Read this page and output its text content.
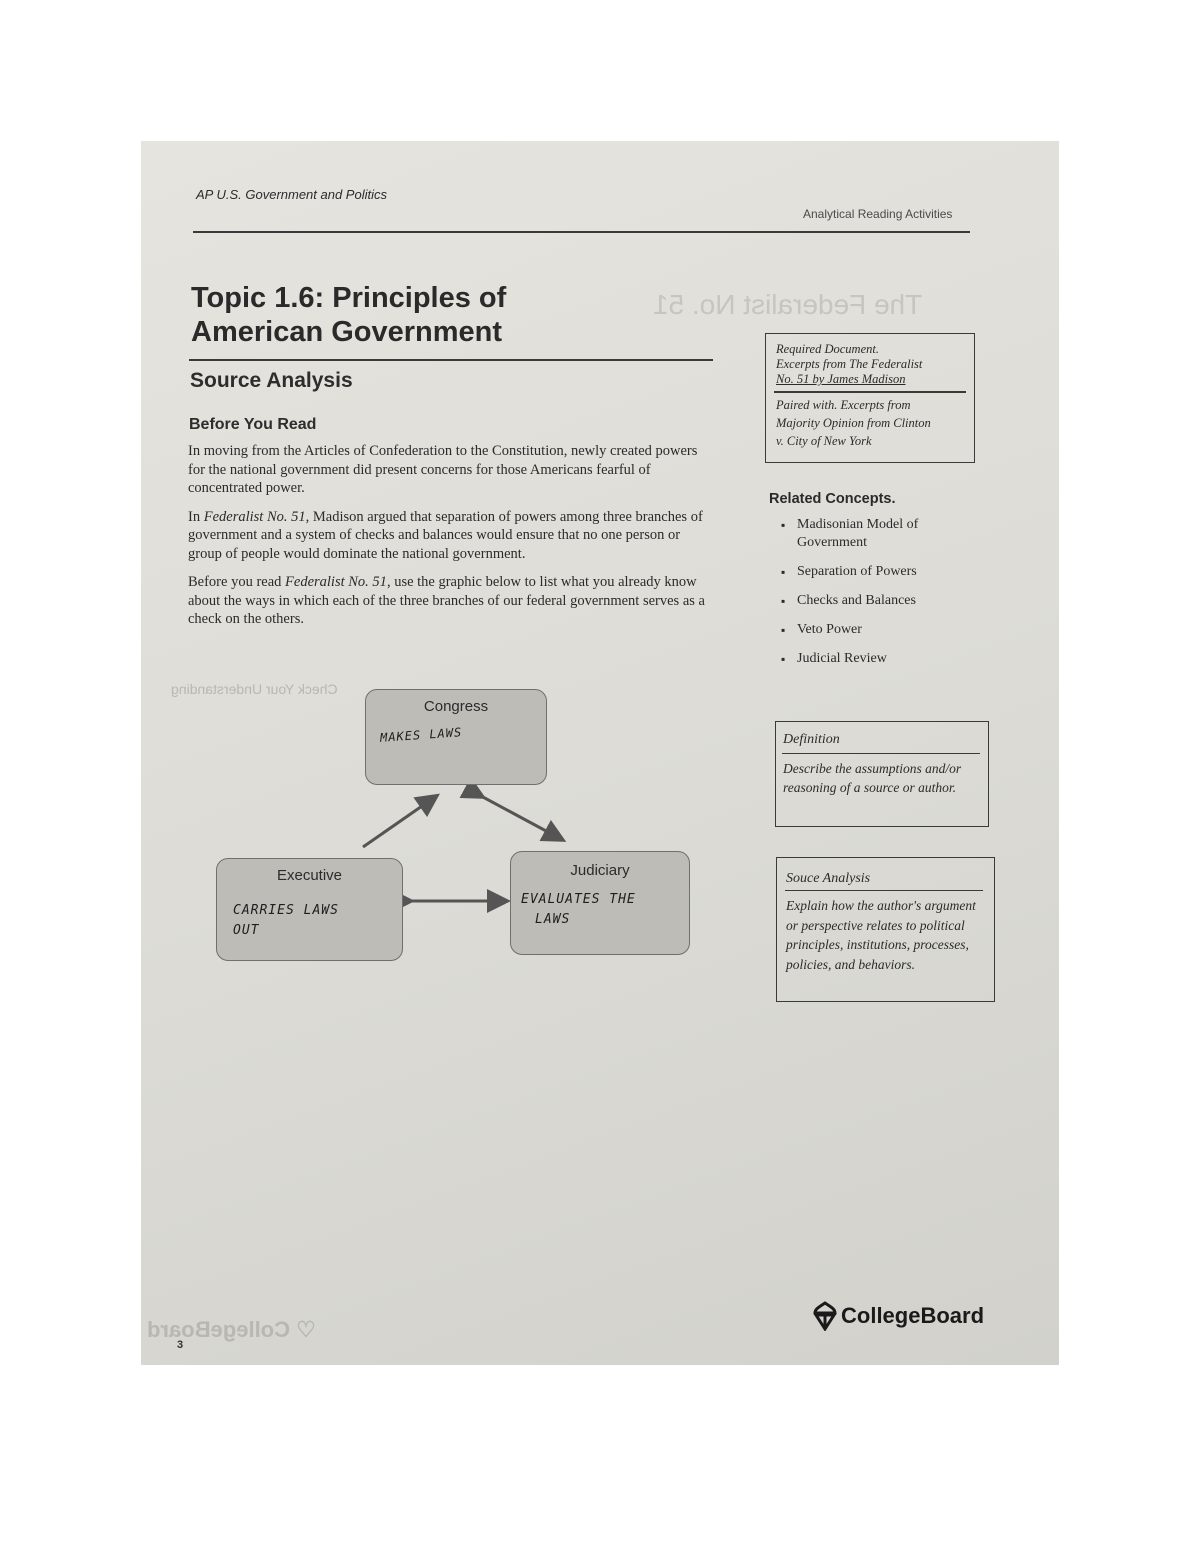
Check Your Understanding
♡ CollegeBoard
AP U.S. Government and Politics
Analytical Reading Activities
The Federalist No. 51
Topic 1.6: Principles of
American Government
Source Analysis
Before You Read

In moving from the Articles of Confederation to the Constitution, newly created powers for the national government did present concerns for those Americans fearful of concentrated power.

In Federalist No. 51, Madison argued that separation of powers among three branches of government and a system of checks and balances would ensure that no one person or group of people would dominate the national government.

Before you read Federalist No. 51, use the graphic below to list what you already know about the ways in which each of the three branches of our federal government serves as a check on the others.

Required Document.
Excerpts from The Federalist
No. 51 by James Madison
Paired with. Excerpts from
Majority Opinion from Clinton
v. City of New York
Related Concepts.
▪ Madisonian Model of Government
▪ Separation of Powers
▪ Checks and Balances
▪ Veto Power
▪ Judicial Review
Congress
MAKES LAWS
Executive
CARRIES LAWS
OUT
Judiciary
EVALUATES THE
LAWS
Definition
Describe the assumptions and/or reasoning of a source or author.
Souce Analysis
Explain how the author's argument or perspective relates to political principles, institutions, processes, policies, and behaviors.
CollegeBoard
3
